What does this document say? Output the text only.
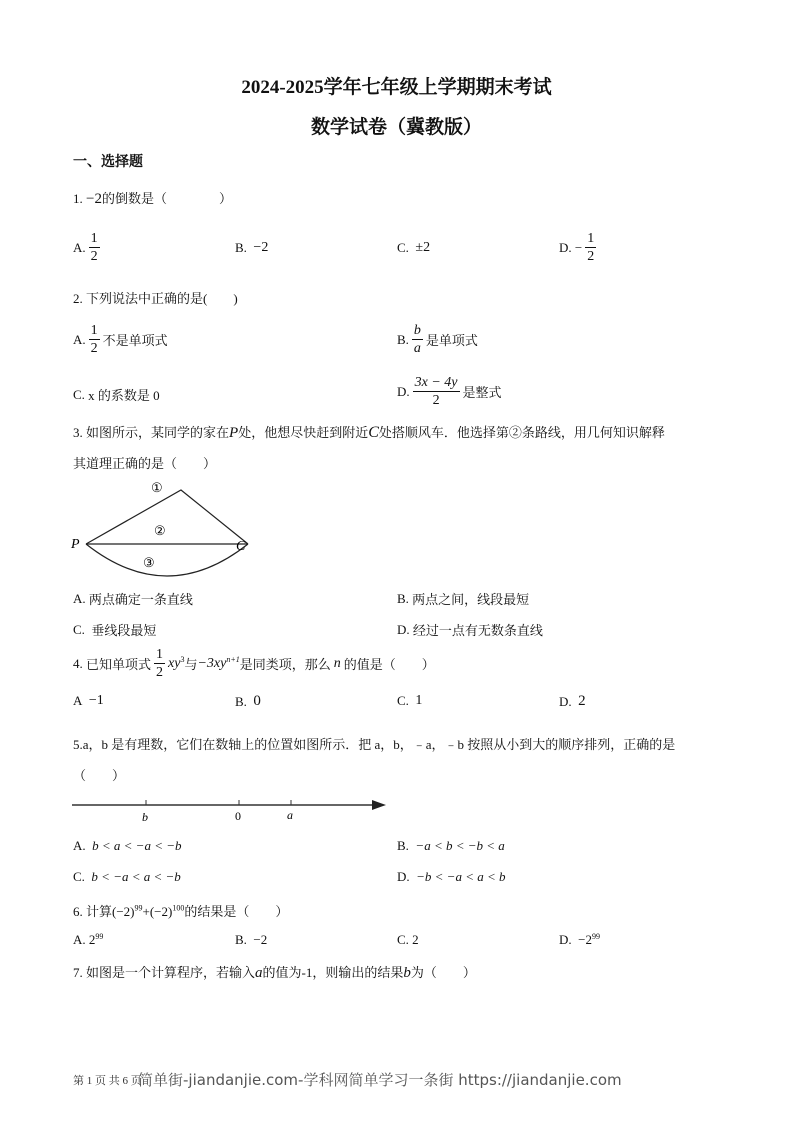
2024-2025学年七年级上学期期末考试
数学试卷（冀教版）
一、选择题
1. −2的倒数是（　　　　）
A. $\frac{1}{2}$	B.
−2	C.
±2	D.
− $\frac{1}{2}$
2. 下列说法中正确的是(　　)
A. $\frac{1}{2}$ 不是单项式	B. $\frac{b}{a}$ 是单项式
C.
x 的系数是 0	D. $\frac{3x - 4y}{2}$ 是整式
3. 如图所示，某同学的家在P处，他想尽快赶到附近C处搭顺风车．他选择第②条路线，用几何知识解释
其道理正确的是（　　）
①
②
③
P	C
A.
两点确定一条直线	B.
两点之间，线段最短
C.
垂线段最短	D.
经过一点有无数条直线
4.
已知单项式 $\frac{1}{2} xy^3$ 与 $-3xy^{n+1}$ 是同类项，那么 n 的值是（　　）
A
−1	B.
0	C.
1	D.
2
5.a，b 是有理数，它们在数轴上的位置如图所示．把 a，b，﹣a，﹣b 按照从小到大的顺序排列，正确的是
（　　）
b	0	a
A.
b < a < −a < −b	B.
−a < b < −b < a
C.
b < −a < a < −b	D.
−b < −a < a < b
6. 计算$(-2)^{99}+(-2)^{100}$的结果是（　　）
A.
$2^{99}$	B.
−2	C.
2	D.
$-2^{99}$
7. 如图是一个计算程序，若输入a的值为-1，则输出的结果b为（　　）
第 1 页 共 6 页
简单街-jiandanjie.com-学科网简单学习一条街 https://jiandanjie.com
